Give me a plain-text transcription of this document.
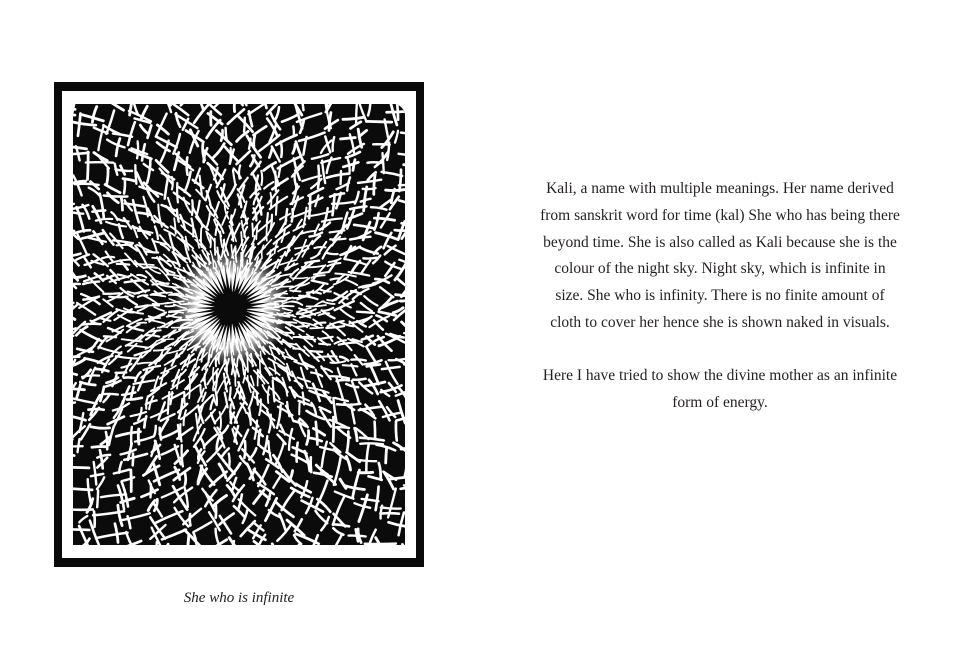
She who is infinite

Kali, a name with multiple meanings. Her name derived from sanskrit word for time (kal) She who has being there beyond time. She is also called as Kali because she is the colour of the night sky. Night sky, which is infinite in size. She who is infinity. There is no finite amount of cloth to cover her hence she is shown naked in visuals.

Here I have tried to show the divine mother as an infinite form of energy.
